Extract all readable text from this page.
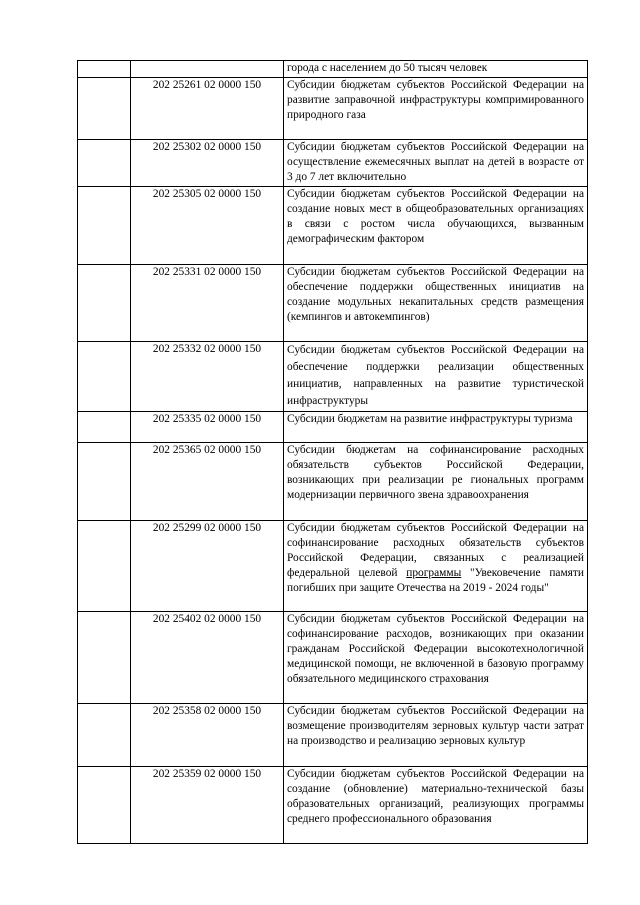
		города с населением до 50 тысяч человек
	202 25261 02 0000 150	Субсидии бюджетам субъектов Российской Федерации на развитие заправочной инфраструктуры компримированного природного газа
	202 25302 02 0000 150	Субсидии бюджетам субъектов Российской Федерации на осуществление ежемесячных выплат на детей в возрасте от 3 до 7 лет включительно
	202 25305 02 0000 150	Субсидии бюджетам субъектов Российской Федерации на создание новых мест в общеобразовательных организациях в связи с ростом числа обучающихся, вызванным демографическим фактором
	202 25331 02 0000 150	Субсидии бюджетам субъектов Российской Федерации на обеспечение поддержки общественных инициатив на создание модульных некапитальных средств размещения (кемпингов и автокемпингов)
	202 25332 02 0000 150	Субсидии бюджетам субъектов Российской Федерации на обеспечение поддержки реализации общественных инициатив, направленных на развитие туристической инфраструктуры
	202 25335 02 0000 150	Субсидии бюджетам на развитие инфраструктуры туризма
	202 25365 02 0000 150	Субсидии бюджетам на софинансирование расходных обязательств субъектов Российской Федерации, возникающих при реализации ре гиональных программ модернизации первичного звена здравоохранения
	202 25299 02 0000 150	Субсидии бюджетам субъектов Российской Федерации на софинансирование расходных обязательств субъектов Российской Федерации, связанных с реализацией федеральной целевой программы "Увековечение памяти погибших при защите Отечества на 2019 - 2024 годы"
	202 25402 02 0000 150	Субсидии бюджетам субъектов Российской Федерации на софинансирование расходов, возникающих при оказании гражданам Российской Федерации высокотехнологичной медицинской помощи, не включенной в базовую программу обязательного медицинского страхования
	202 25358 02 0000 150	Субсидии бюджетам субъектов Российской Федерации на возмещение производителям зерновых культур части затрат на производство и реализацию зерновых культур
	202 25359 02 0000 150	Субсидии бюджетам субъектов Российской Федерации на создание (обновление) материально-технической базы образовательных организаций, реализующих программы среднего профессионального образования
